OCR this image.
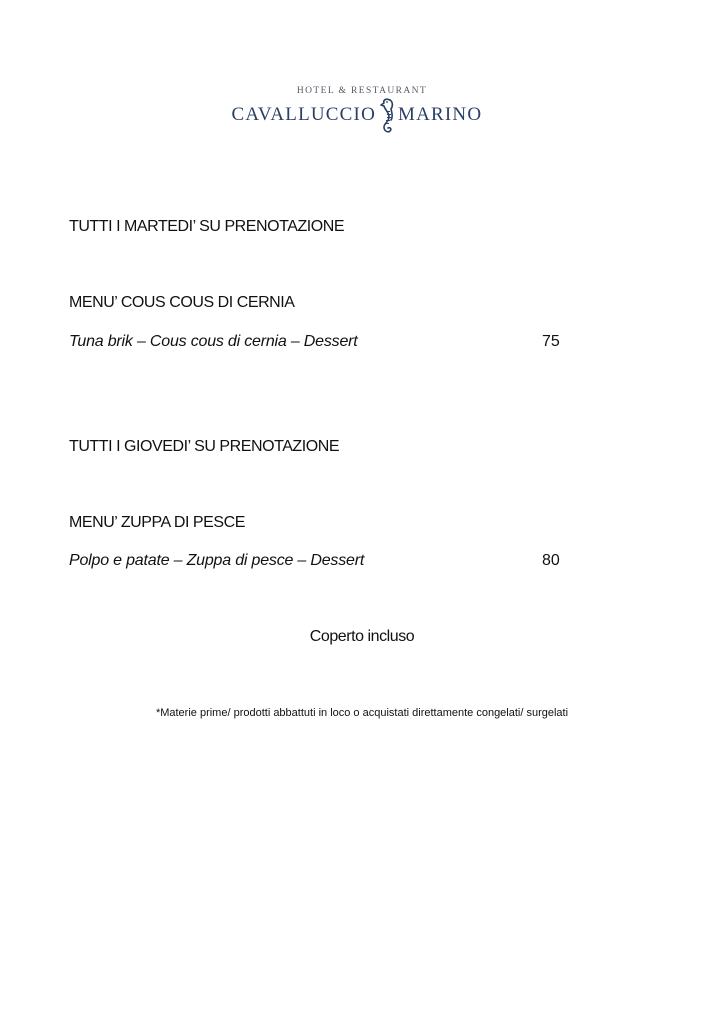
HOTEL & RESTAURANT
CAVALLUCCIO MARINO
TUTTI I MARTEDI’ SU PRENOTAZIONE
MENU’ COUS COUS DI CERNIA
Tuna brik – Cous cous di cernia – Dessert	75
TUTTI I GIOVEDI’ SU PRENOTAZIONE
MENU’ ZUPPA DI PESCE
Polpo e patate – Zuppa di pesce – Dessert	80
Coperto incluso
*Materie prime/ prodotti abbattuti in loco o acquistati direttamente congelati/ surgelati
